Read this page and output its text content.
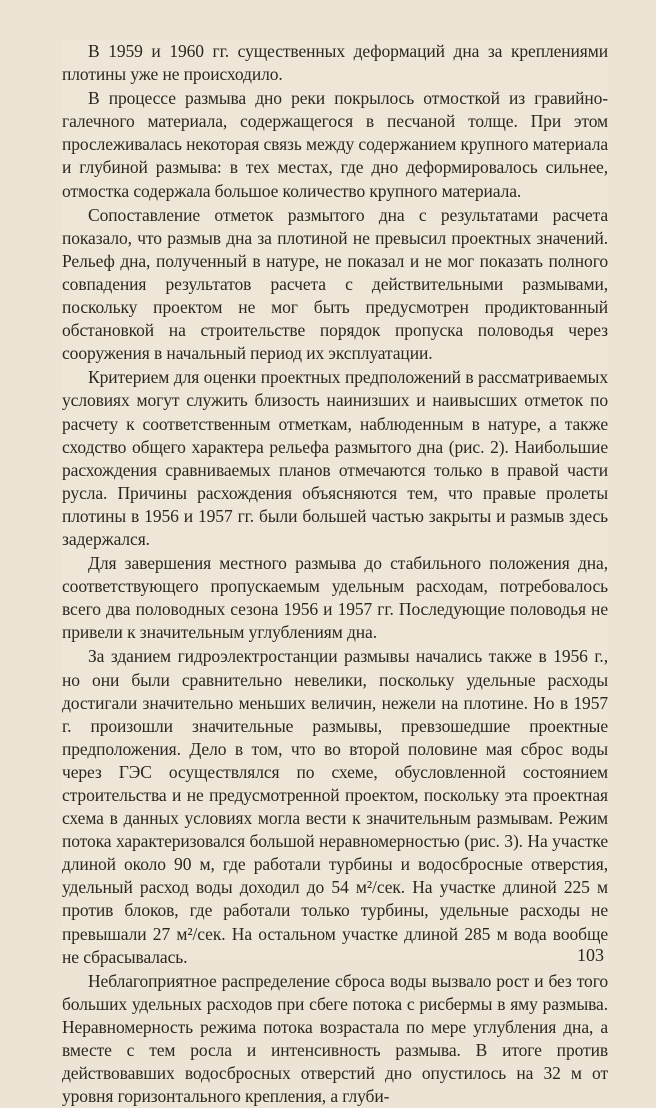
В 1959 и 1960 гг. существенных деформаций дна за креплениями плотины уже не происходило.

В процессе размыва дно реки покрылось отмосткой из гравийно-галечного материала, содержащегося в песчаной толще. При этом прослеживалась некоторая связь между содержанием крупного материала и глубиной размыва: в тех местах, где дно деформировалось сильнее, отмостка содержала большое количество крупного материала.

Сопоставление отметок размытого дна с результатами расчета показало, что размыв дна за плотиной не превысил проектных значений. Рельеф дна, полученный в натуре, не показал и не мог показать полного совпадения результатов расчета с действительными размывами, поскольку проектом не мог быть предусмотрен продиктованный обстановкой на строительстве порядок пропуска половодья через сооружения в начальный период их эксплуатации.

Критерием для оценки проектных предположений в рассматриваемых условиях могут служить близость наинизших и наивысших отметок по расчету к соответственным отметкам, наблюденным в натуре, а также сходство общего характера рельефа размытого дна (рис. 2). Наибольшие расхождения сравниваемых планов отмечаются только в правой части русла. Причины расхождения объясняются тем, что правые пролеты плотины в 1956 и 1957 гг. были большей частью закрыты и размыв здесь задержался.

Для завершения местного размыва до стабильного положения дна, соответствующего пропускаемым удельным расходам, потребовалось всего два половодных сезона 1956 и 1957 гг. Последующие половодья не привели к значительным углублениям дна.

За зданием гидроэлектростанции размывы начались также в 1956 г., но они были сравнительно невелики, поскольку удельные расходы достигали значительно меньших величин, нежели на плотине. Но в 1957 г. произошли значительные размывы, превзошедшие проектные предположения. Дело в том, что во второй половине мая сброс воды через ГЭС осуществлялся по схеме, обусловленной состоянием строительства и не предусмотренной проектом, поскольку эта проектная схема в данных условиях могла вести к значительным размывам. Режим потока характеризовался большой неравномерностью (рис. 3). На участке длиной около 90 м, где работали турбины и водосбросные отверстия, удельный расход воды доходил до 54 м²/сек. На участке длиной 225 м против блоков, где работали только турбины, удельные расходы не превышали 27 м²/сек. На остальном участке длиной 285 м вода вообще не сбрасывалась.

Неблагоприятное распределение сброса воды вызвало рост и без того больших удельных расходов при сбеге потока с рисбермы в яму размыва. Неравномерность режима потока возрастала по мере углубления дна, а вместе с тем росла и интенсивность размыва. В итоге против действовавших водосбросных отверстий дно опустилось на 32 м от уровня горизонтального крепления, а глуби-

103
